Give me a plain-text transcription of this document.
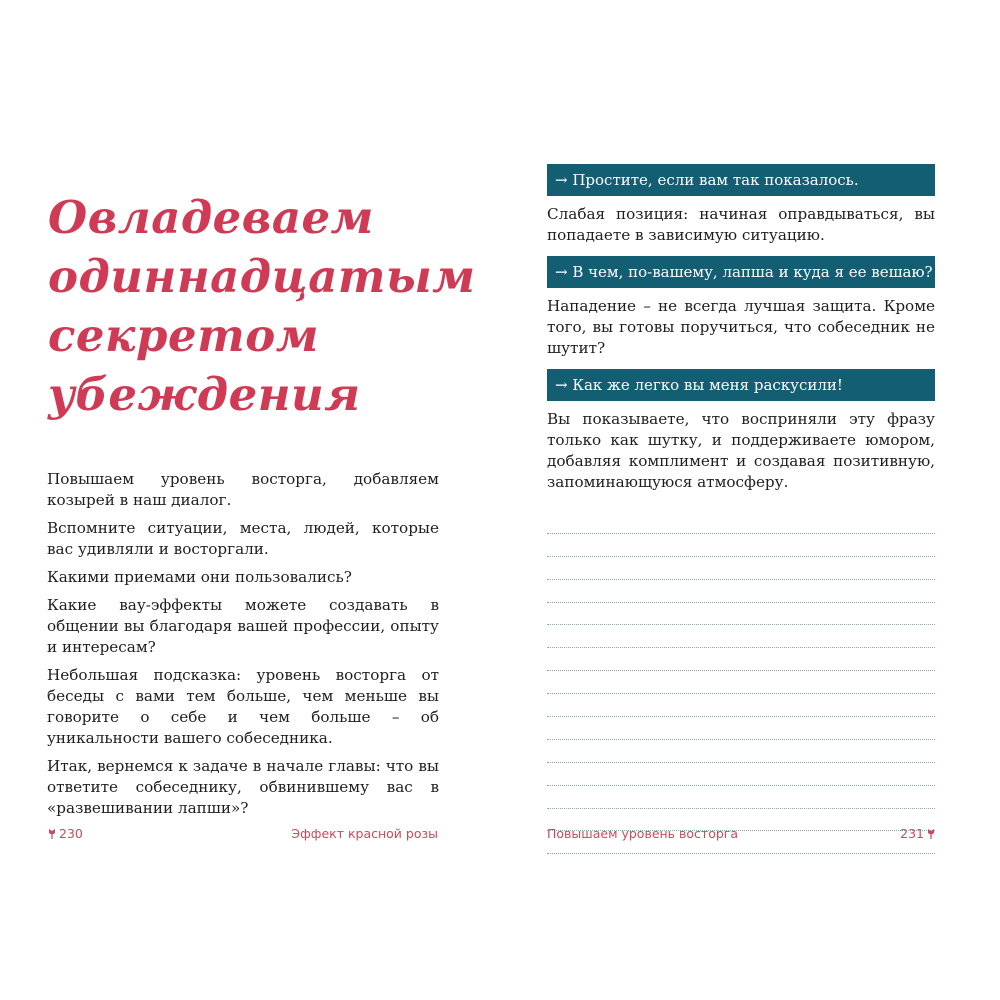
Овладеваем
одиннадцатым
секретом
убеждения

Повышаем уровень восторга, добавляем козырей в наш диалог.

Вспомните ситуации, места, людей, которые вас удивляли и восторгали.

Какими приемами они пользовались?

Какие вау-эффекты можете создавать в общении вы благодаря вашей профессии, опыту и интересам?

Небольшая подсказка: уровень восторга от беседы с вами тем больше, чем меньше вы говорите о себе и чем больше – об уникальности вашего собеседника.

Итак, вернемся к задаче в начале главы: что вы ответите собеседнику, обвинившему вас в «развешивании лапши»?

230	Эффект красной розы
→ Простите, если вам так показалось.

Слабая позиция: начиная оправдываться, вы попадаете в зависимую ситуацию.

→ В чем, по-вашему, лапша и куда я ее вешаю?

Нападение – не всегда лучшая защита. Кроме того, вы готовы поручиться, что собеседник не шутит?

→ Как же легко вы меня раскусили!

Вы показываете, что восприняли эту фразу только как шутку, и поддерживаете юмором, добавляя комплимент и создавая позитивную, запоминающуюся атмосферу.

Повышаем уровень восторга	231
